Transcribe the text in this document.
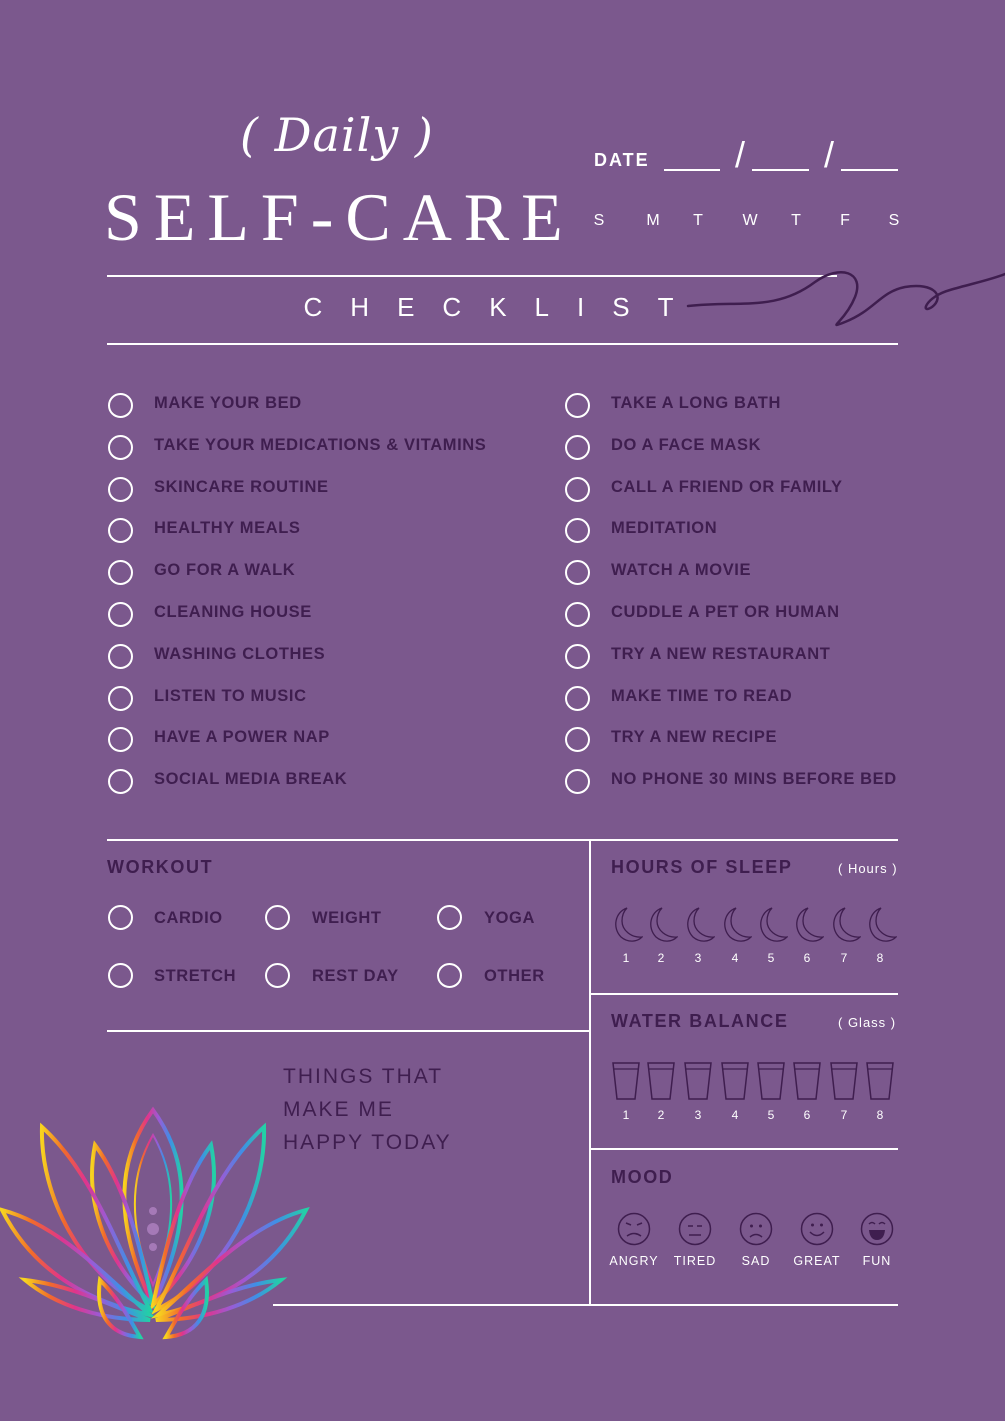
( Daily )
SELF-CARE
DATE / /
S	M	T	W	T	F	S
CHECKLIST
MAKE YOUR BED
TAKE YOUR MEDICATIONS & VITAMINS
SKINCARE ROUTINE
HEALTHY MEALS
GO FOR A WALK
CLEANING HOUSE
WASHING CLOTHES
LISTEN TO MUSIC
HAVE A POWER NAP
SOCIAL MEDIA BREAK
TAKE A LONG BATH
DO A FACE MASK
CALL A FRIEND OR FAMILY
MEDITATION
WATCH A MOVIE
CUDDLE A PET OR HUMAN
TRY A NEW RESTAURANT
MAKE TIME TO READ
TRY A NEW RECIPE
NO PHONE 30 MINS BEFORE BED
WORKOUT
CARDIO	WEIGHT	YOGA
STRETCH	REST DAY	OTHER
HOURS OF SLEEP	( Hours )
1	2	3	4	5	6	7	8
WATER BALANCE	( Glass )
1	2	3	4	5	6	7	8
MOOD
ANGRY	TIRED	SAD	GREAT	FUN
THINGS THAT
MAKE ME
HAPPY TODAY
